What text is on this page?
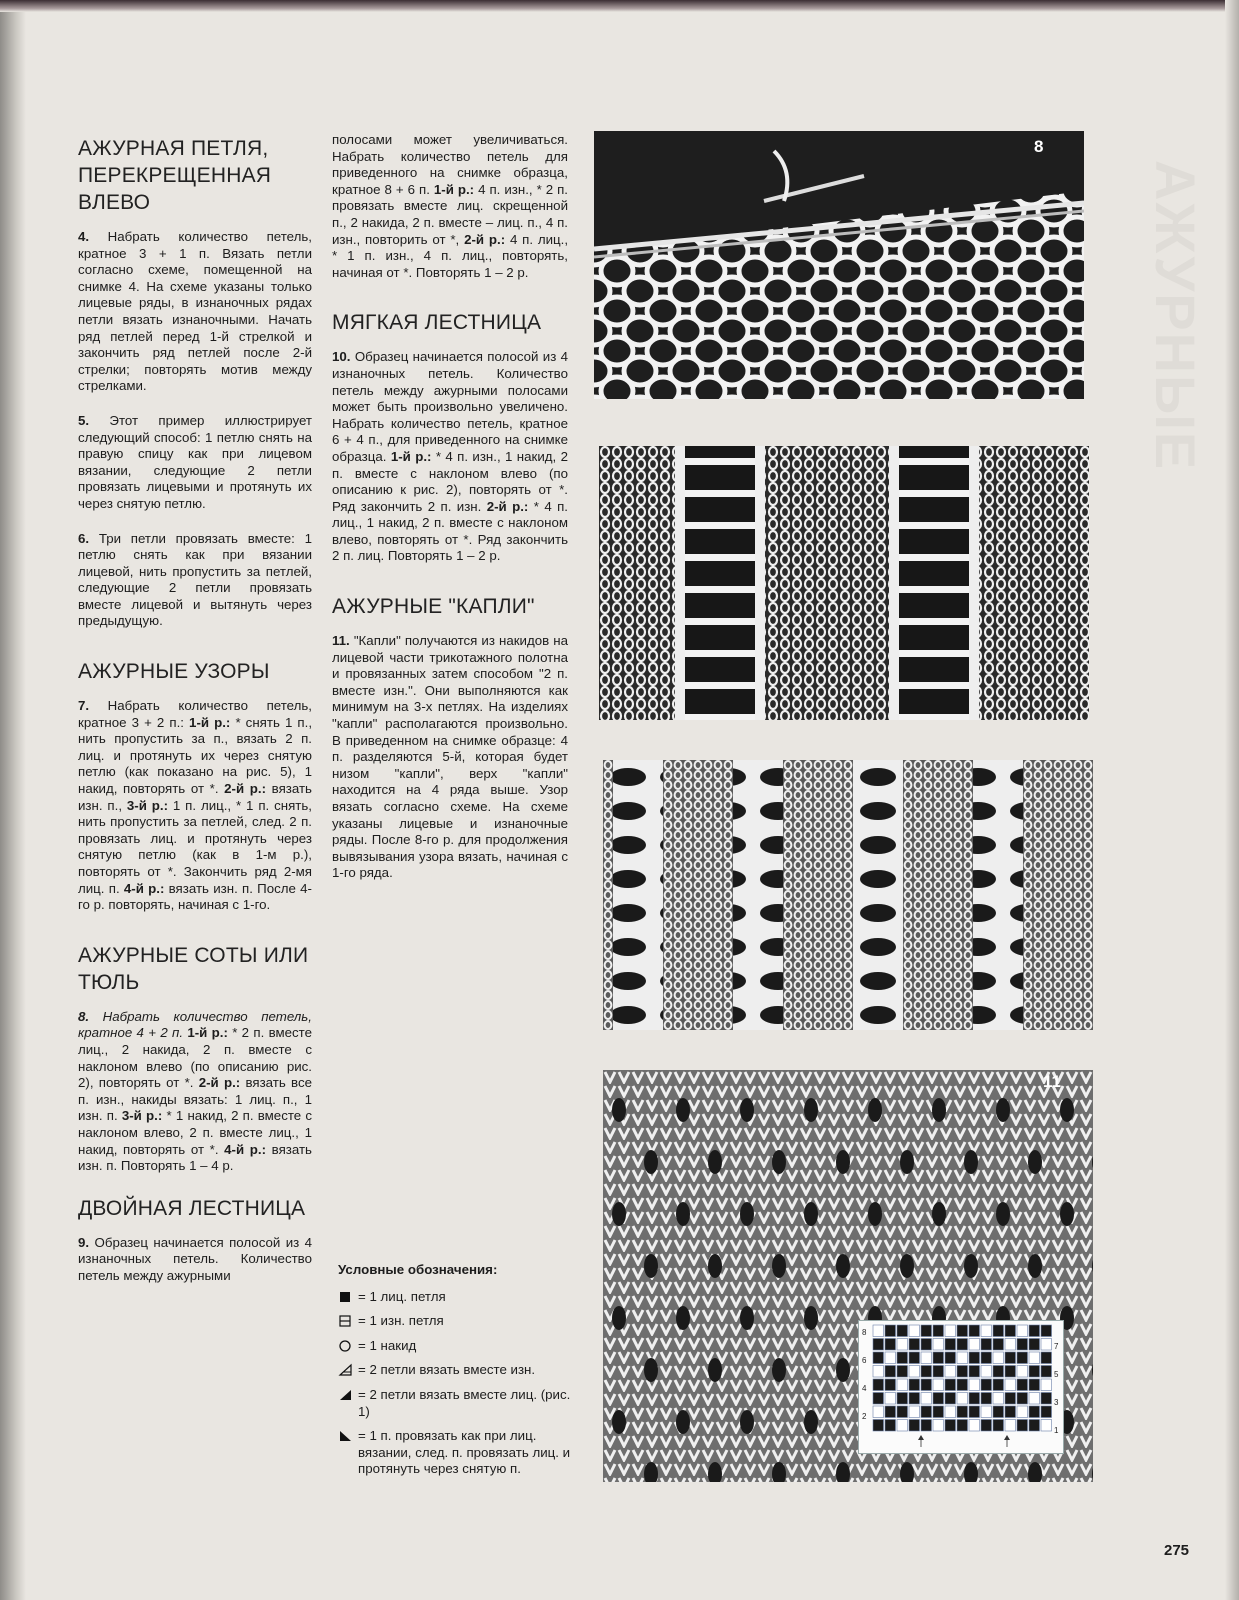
АЖУРНАЯ ПЕТЛЯ, ПЕРЕКРЕЩЕННАЯ ВЛЕВО

4. Набрать количество петель, кратное 3 + 1 п. Вязать петли согласно схеме, помещенной на снимке 4. На схеме указаны только лицевые ряды, в изнаночных рядах петли вязать изнаночными. Начать ряд петлей перед 1-й стрелкой и закончить ряд петлей после 2-й стрелки; повторять мотив между стрелками.

5. Этот пример иллюстрирует следующий способ: 1 петлю снять на правую спицу как при лицевом вязании, следующие 2 петли провязать лицевыми и протянуть их через снятую петлю.

6. Три петли провязать вместе: 1 петлю снять как при вязании лицевой, нить пропустить за петлей, следующие 2 петли провязать вместе лицевой и вытянуть через предыдущую.

АЖУРНЫЕ УЗОРЫ

7. Набрать количество петель, кратное 3 + 2 п.: 1-й р.: * снять 1 п., нить пропустить за п., вязать 2 п. лиц. и протянуть их через снятую петлю (как показано на рис. 5), 1 накид, повторять от *. 2-й р.: вязать изн. п., 3-й р.: 1 п. лиц., * 1 п. снять, нить пропустить за петлей, след. 2 п. провязать лиц. и протянуть через снятую петлю (как в 1-м р.), повторять от *. Закончить ряд 2-мя лиц. п. 4-й р.: вязать изн. п. После 4-го р. повторять, начиная с 1-го.

АЖУРНЫЕ СОТЫ ИЛИ ТЮЛЬ

8. Набрать количество петель, кратное 4 + 2 п. 1-й р.: * 2 п. вместе лиц., 2 накида, 2 п. вместе с наклоном влево (по описанию рис. 2), повторять от *. 2-й р.: вязать все п. изн., накиды вязать: 1 лиц. п., 1 изн. п. 3-й р.: * 1 накид, 2 п. вместе с наклоном влево, 2 п. вместе лиц., 1 накид, повторять от *. 4-й р.: вязать изн. п. Повторять 1 – 4 р.

ДВОЙНАЯ ЛЕСТНИЦА

9. Образец начинается полосой из 4 изнаночных петель. Количество петель между ажурными

полосами может увеличиваться. Набрать количество петель для приведенного на снимке образца, кратное 8 + 6 п. 1-й р.: 4 п. изн., * 2 п. провязать вместе лиц. скрещенной п., 2 накида, 2 п. вместе – лиц. п., 4 п. изн., повторить от *, 2-й р.: 4 п. лиц., * 1 п. изн., 4 п. лиц., повторять, начиная от *. Повторять 1 – 2 р.

МЯГКАЯ ЛЕСТНИЦА

10. Образец начинается полосой из 4 изнаночных петель. Количество петель между ажурными полосами может быть произвольно увеличено. Набрать количество петель, кратное 6 + 4 п., для приведенного на снимке образца. 1-й р.: * 4 п. изн., 1 накид, 2 п. вместе с наклоном влево (по описанию к рис. 2), повторять от *. Ряд закончить 2 п. изн. 2-й р.: * 4 п. лиц., 1 накид, 2 п. вместе с наклоном влево, повторять от *. Ряд закончить 2 п. лиц. Повторять 1 – 2 р.

АЖУРНЫЕ "КАПЛИ"

11. "Капли" получаются из накидов на лицевой части трикотажного полотна и провязанных затем способом "2 п. вместе изн.". Они выполняются как минимум на 3-х петлях. На изделиях "капли" располагаются произвольно. В приведенном на снимке образце: 4 п. разделяются 5-й, которая будет низом "капли", верх "капли" находится на 4 ряда выше. Узор вязать согласно схеме. На схеме указаны лицевые и изнаночные ряды. После 8-го р. для продолжения вывязывания узора вязать, начиная с 1-го ряда.

Условные обозначения:
= 1 лиц. петля
= 1 изн. петля
= 1 накид
= 2 петли вязать вместе изн.
= 2 петли вязать вместе лиц. (рис. 1)
= 1 п. провязать как при лиц. вязании, след. п. провязать лиц. и протянуть через снятую п.
8
11
8
6
4
2
7
5
3
1
АЖУРНЫЕ
275
